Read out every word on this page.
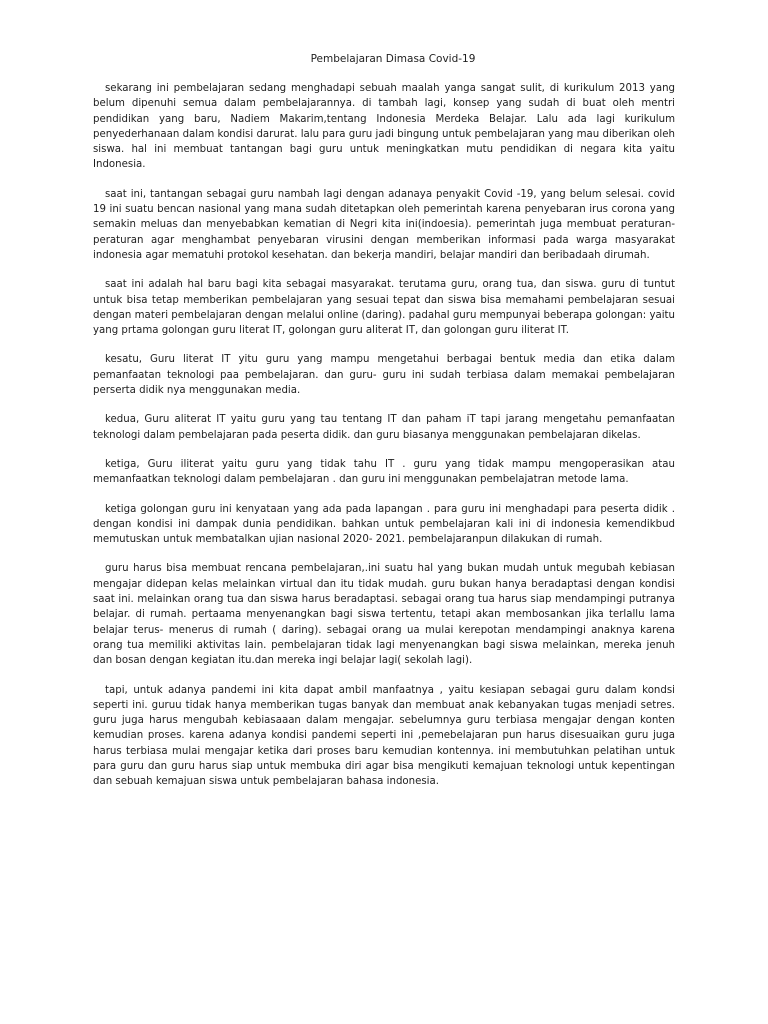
Pembelajaran Dimasa Covid-19

sekarang ini pembelajaran sedang menghadapi sebuah maalah yanga sangat sulit, di kurikulum 2013 yang belum dipenuhi semua dalam pembelajarannya. di tambah lagi, konsep yang sudah di buat oleh mentri pendidikan yang baru, Nadiem Makarim,tentang Indonesia Merdeka Belajar. Lalu ada lagi kurikulum penyederhanaan dalam kondisi darurat. lalu para guru jadi bingung untuk pembelajaran yang mau diberikan oleh siswa. hal ini membuat tantangan bagi guru untuk meningkatkan mutu pendidikan di negara kita yaitu Indonesia.

saat ini, tantangan sebagai guru nambah lagi dengan adanaya penyakit Covid -19, yang belum selesai. covid 19 ini suatu bencan nasional yang mana sudah ditetapkan oleh pemerintah karena penyebaran irus corona yang semakin meluas dan menyebabkan kematian di Negri kita ini(indoesia). pemerintah juga membuat peraturan- peraturan agar menghambat penyebaran virusini dengan memberikan informasi pada warga masyarakat indonesia agar mematuhi protokol kesehatan. dan bekerja mandiri, belajar mandiri dan beribadaah dirumah.

saat ini adalah hal baru bagi kita sebagai masyarakat. terutama guru, orang tua, dan siswa. guru di tuntut untuk bisa tetap memberikan pembelajaran yang sesuai tepat dan siswa bisa memahami pembelajaran sesuai dengan materi pembelajaran dengan melalui online (daring). padahal guru mempunyai beberapa golongan: yaitu yang prtama golongan guru literat IT, golongan guru aliterat IT, dan golongan guru iliterat IT.

kesatu, Guru literat IT yitu guru yang mampu mengetahui berbagai bentuk media dan etika dalam pemanfaatan teknologi paa pembelajaran. dan guru- guru ini sudah terbiasa dalam memakai pembelajaran perserta didik nya menggunakan media.

kedua, Guru aliterat IT yaitu guru yang tau tentang IT dan paham iT tapi jarang mengetahu pemanfaatan teknologi dalam pembelajaran pada peserta didik. dan guru biasanya menggunakan pembelajaran dikelas.

ketiga, Guru iliterat yaitu guru yang tidak tahu IT . guru yang tidak mampu mengoperasikan atau memanfaatkan teknologi dalam pembelajaran . dan guru ini menggunakan pembelajatran metode lama.

ketiga golongan guru ini kenyataan yang ada pada lapangan . para guru ini menghadapi para peserta didik . dengan kondisi ini dampak dunia pendidikan. bahkan untuk pembelajaran kali ini di indonesia kemendikbud memutuskan untuk membatalkan ujian nasional 2020- 2021. pembelajaranpun dilakukan di rumah.

guru harus bisa membuat rencana pembelajaran,.ini suatu hal yang bukan mudah untuk megubah kebiasan mengajar didepan kelas melainkan virtual dan itu tidak mudah. guru bukan hanya beradaptasi dengan kondisi saat ini. melainkan orang tua dan siswa harus beradaptasi. sebagai orang tua harus siap mendampingi putranya belajar. di rumah. pertaama menyenangkan bagi siswa tertentu, tetapi akan membosankan jika terlallu lama belajar terus- menerus di rumah ( daring). sebagai orang ua mulai kerepotan mendampingi anaknya karena orang tua memiliki aktivitas lain. pembelajaran tidak lagi menyenangkan bagi siswa melainkan, mereka jenuh dan bosan dengan kegiatan itu.dan mereka ingi belajar lagi( sekolah lagi).

tapi, untuk adanya pandemi ini kita dapat ambil manfaatnya , yaitu kesiapan sebagai guru dalam kondsi seperti ini. guruu tidak hanya memberikan tugas banyak dan membuat anak kebanyakan tugas menjadi setres. guru juga harus mengubah kebiasaaan dalam mengajar. sebelumnya guru terbiasa mengajar dengan konten kemudian proses. karena adanya kondisi pandemi seperti ini ,pemebelajaran pun harus disesuaikan guru juga harus terbiasa mulai mengajar ketika dari proses baru kemudian kontennya. ini membutuhkan pelatihan untuk para guru dan guru harus siap untuk membuka diri agar bisa mengikuti kemajuan teknologi untuk kepentingan dan sebuah kemajuan siswa untuk pembelajaran bahasa indonesia.
